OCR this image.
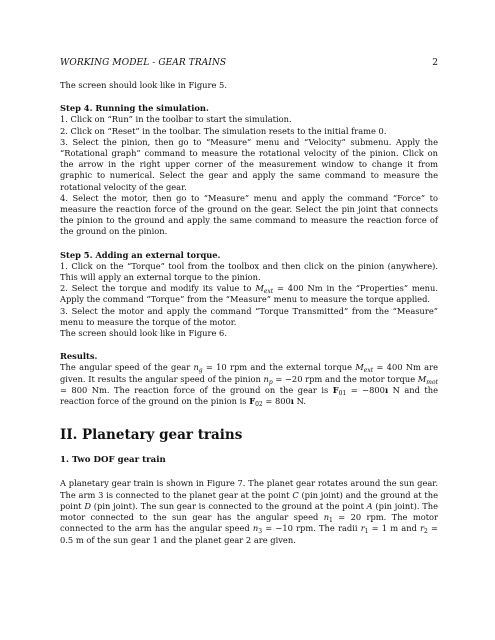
WORKING MODEL - GEAR TRAINS	2

The screen should look like in Figure 5.

Step 4. Running the simulation.

1. Click on “Run” in the toolbar to start the simulation.

2. Click on “Reset” in the toolbar. The simulation resets to the initial frame 0.

3. Select the pinion, then go to “Measure” menu and “Velocity” submenu. Apply the “Rotational graph” command to measure the rotational velocity of the pinion. Click on the arrow in the right upper corner of the measurement window to change it from graphic to numerical. Select the gear and apply the same command to measure the rotational velocity of the gear.

4. Select the motor, then go to “Measure” menu and apply the command “Force” to measure the reaction force of the ground on the gear. Select the pin joint that connects the pinion to the ground and apply the same command to measure the reaction force of the ground on the pinion.

Step 5. Adding an external torque.

1. Click on the “Torque” tool from the toolbox and then click on the pinion (anywhere). This will apply an external torque to the pinion.

2. Select the torque and modify its value to $M_{ext} = 400$ Nm in the “Properties” menu. Apply the command “Torque” from the “Measure” menu to measure the torque applied.

3. Select the motor and apply the command “Torque Transmitted” from the “Measure” menu to measure the torque of the motor.

The screen should look like in Figure 6.

Results.

The angular speed of the gear $n_g = 10$ rpm and the external torque $M_{ext} = 400$ Nm are given. It results the angular speed of the pinion $n_p = -20$ rpm and the motor torque $M_{mot} = 800$ Nm. The reaction force of the ground on the gear is $F_{01}$ = −800ı N and the reaction force of the ground on the pinion is $F_{02}$ = 800ı N.

II. Planetary gear trains

1. Two DOF gear train

A planetary gear train is shown in Figure 7. The planet gear rotates around the sun gear. The arm 3 is connected to the planet gear at the point C (pin joint) and the ground at the point D (pin joint). The sun gear is connected to the ground at the point A (pin joint). The motor connected to the sun gear has the angular speed $n_1 = 20$ rpm. The motor connected to the arm has the angular speed $n_3 = -10$ rpm. The radii $r_1 = 1$ m and $r_2 = 0.5$ m of the sun gear 1 and the planet gear 2 are given.
